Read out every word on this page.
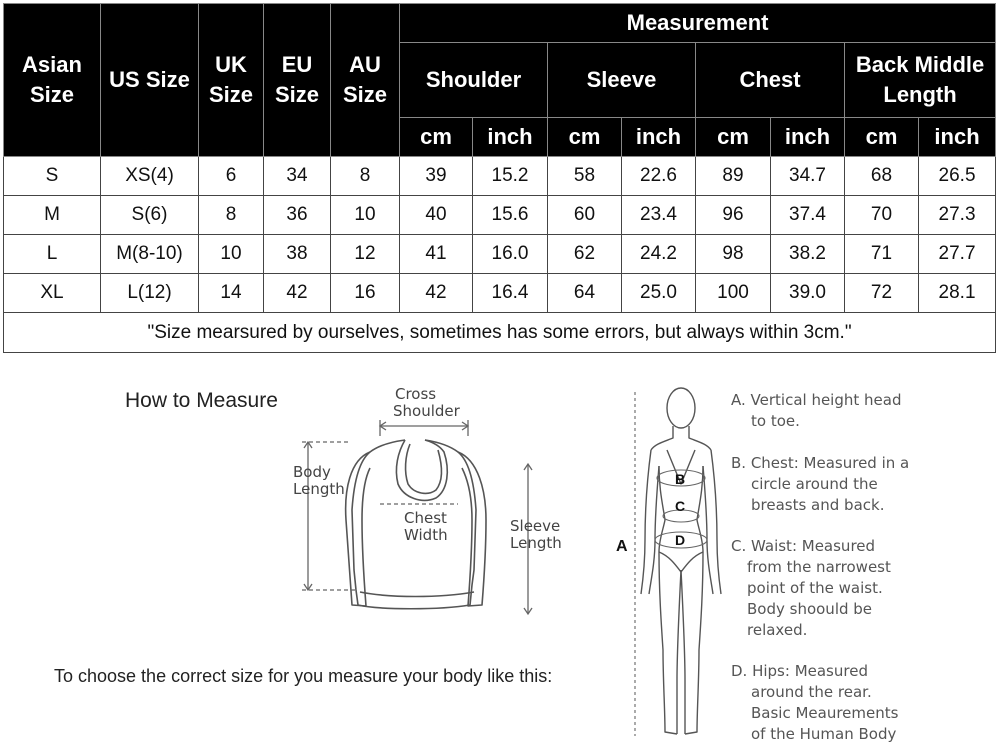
Asian Size	US Size	UK Size	EU Size	AU Size	Measurement							
					Shoulder		Sleeve		Chest		Back Middle Length	
					cm	inch	cm	inch	cm	inch	cm	inch
S	XS(4)	6	34	8	39	15.2	58	22.6	89	34.7	68	26.5
M	S(6)	8	36	10	40	15.6	60	23.4	96	37.4	70	27.3
L	M(8-10)	10	38	12	41	16.0	62	24.2	98	38.2	71	27.7
XL	L(12)	14	42	16	42	16.4	64	25.0	100	39.0	72	28.1
"Size mearsured by ourselves, sometimes has some errors, but always within 3cm."												
How to Measure	Cross
Shoulder
Body
Length
Chest
Width	Sleeve
Length
To choose the correct size for you measure your body like this:
A
B
C
D
A. Vertical height head
to toe.
B. Chest: Measured in a
circle around the
breasts and back.
C. Waist: Measured
from the narrowest
point of the waist.
Body shoould be
relaxed.
D. Hips: Measured
around the rear.
Basic Meaurements
of the Human Body
